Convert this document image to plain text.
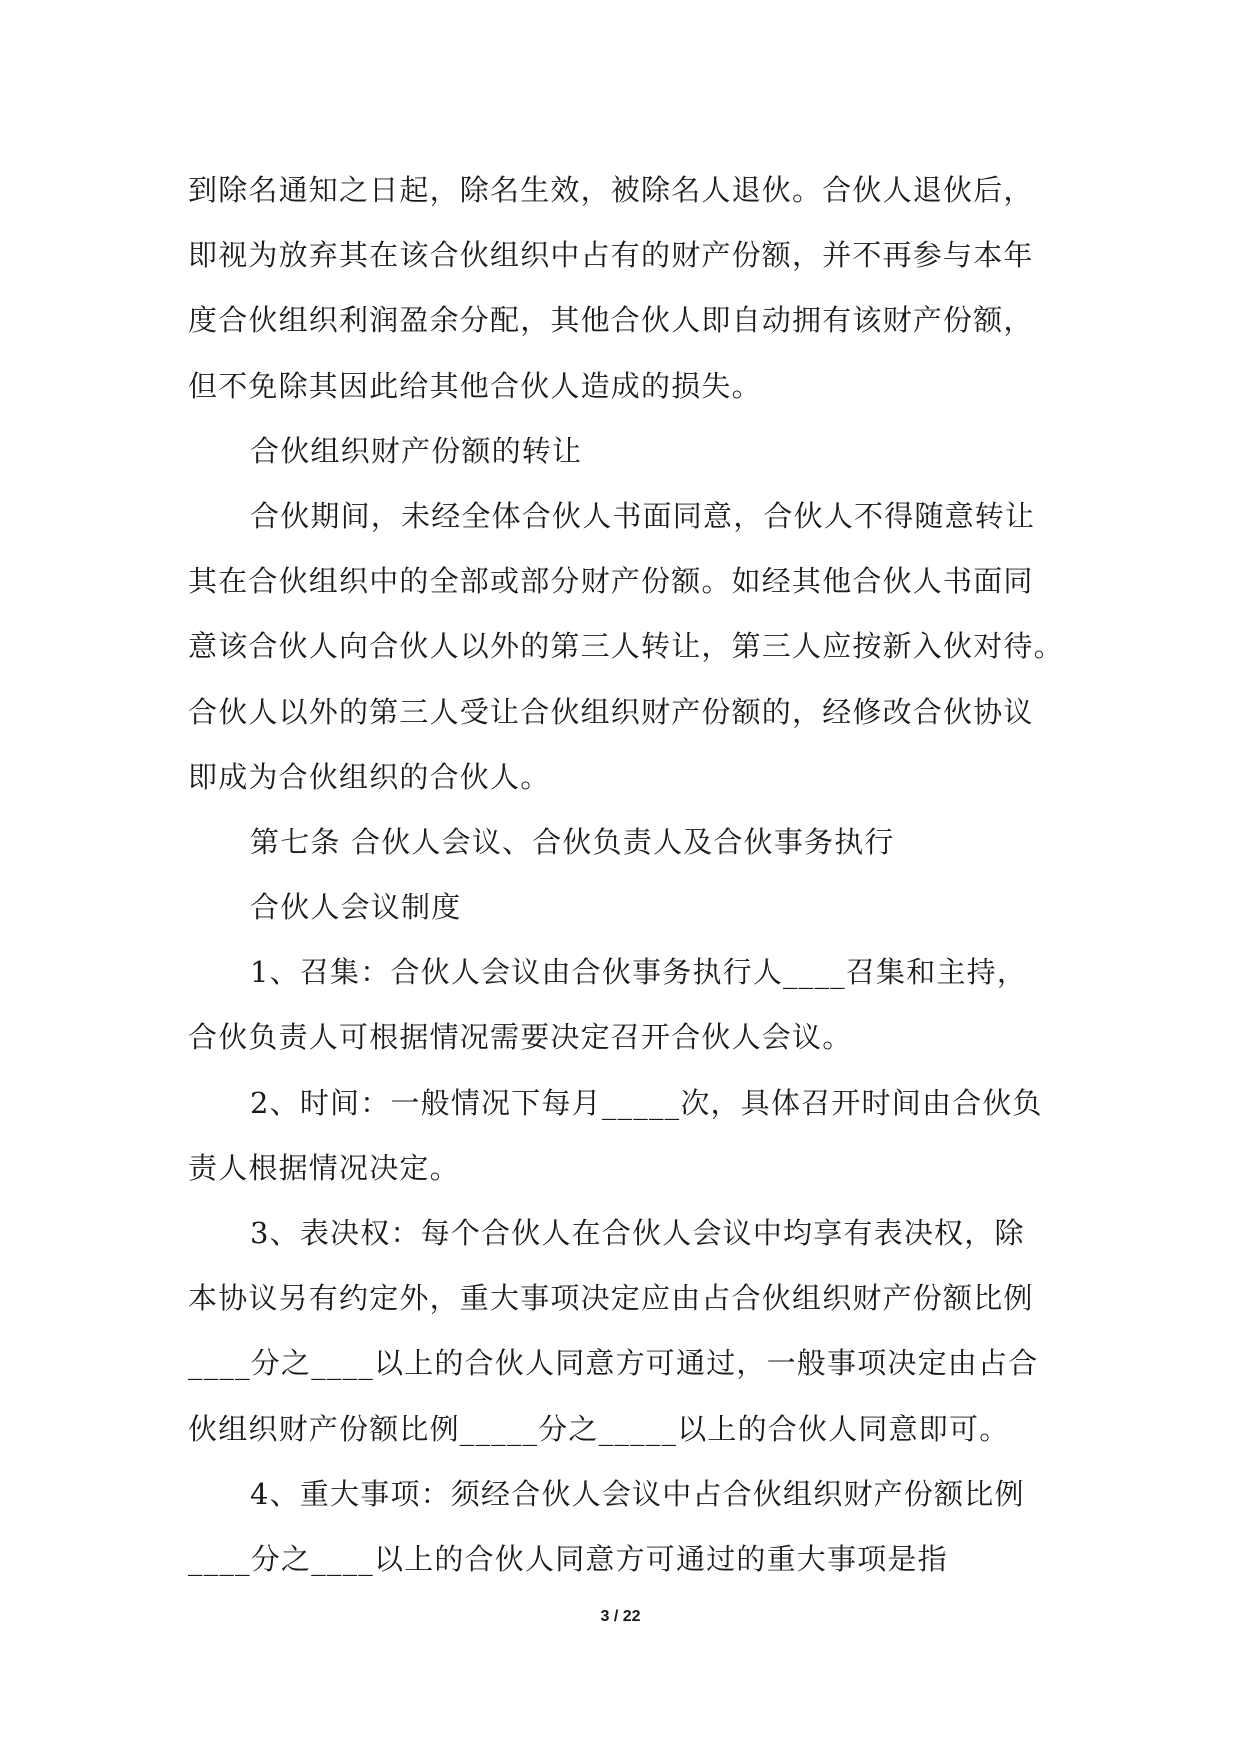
到除名通知之日起，除名生效，被除名人退伙。合伙人退伙后，
即视为放弃其在该合伙组织中占有的财产份额，并不再参与本年
度合伙组织利润盈余分配，其他合伙人即自动拥有该财产份额，
但不免除其因此给其他合伙人造成的损失。
合伙组织财产份额的转让
合伙期间，未经全体合伙人书面同意，合伙人不得随意转让
其在合伙组织中的全部或部分财产份额。如经其他合伙人书面同
意该合伙人向合伙人以外的第三人转让，第三人应按新入伙对待。
合伙人以外的第三人受让合伙组织财产份额的，经修改合伙协议
即成为合伙组织的合伙人。
第七条 合伙人会议、合伙负责人及合伙事务执行
合伙人会议制度
1、召集：合伙人会议由合伙事务执行人____召集和主持，
合伙负责人可根据情况需要决定召开合伙人会议。
2、时间：一般情况下每月_____次，具体召开时间由合伙负
责人根据情况决定。
3、表决权：每个合伙人在合伙人会议中均享有表决权，除
本协议另有约定外，重大事项决定应由占合伙组织财产份额比例
____分之____以上的合伙人同意方可通过，一般事项决定由占合
伙组织财产份额比例_____分之_____以上的合伙人同意即可。
4、重大事项：须经合伙人会议中占合伙组织财产份额比例
____分之____以上的合伙人同意方可通过的重大事项是指
3 / 22
